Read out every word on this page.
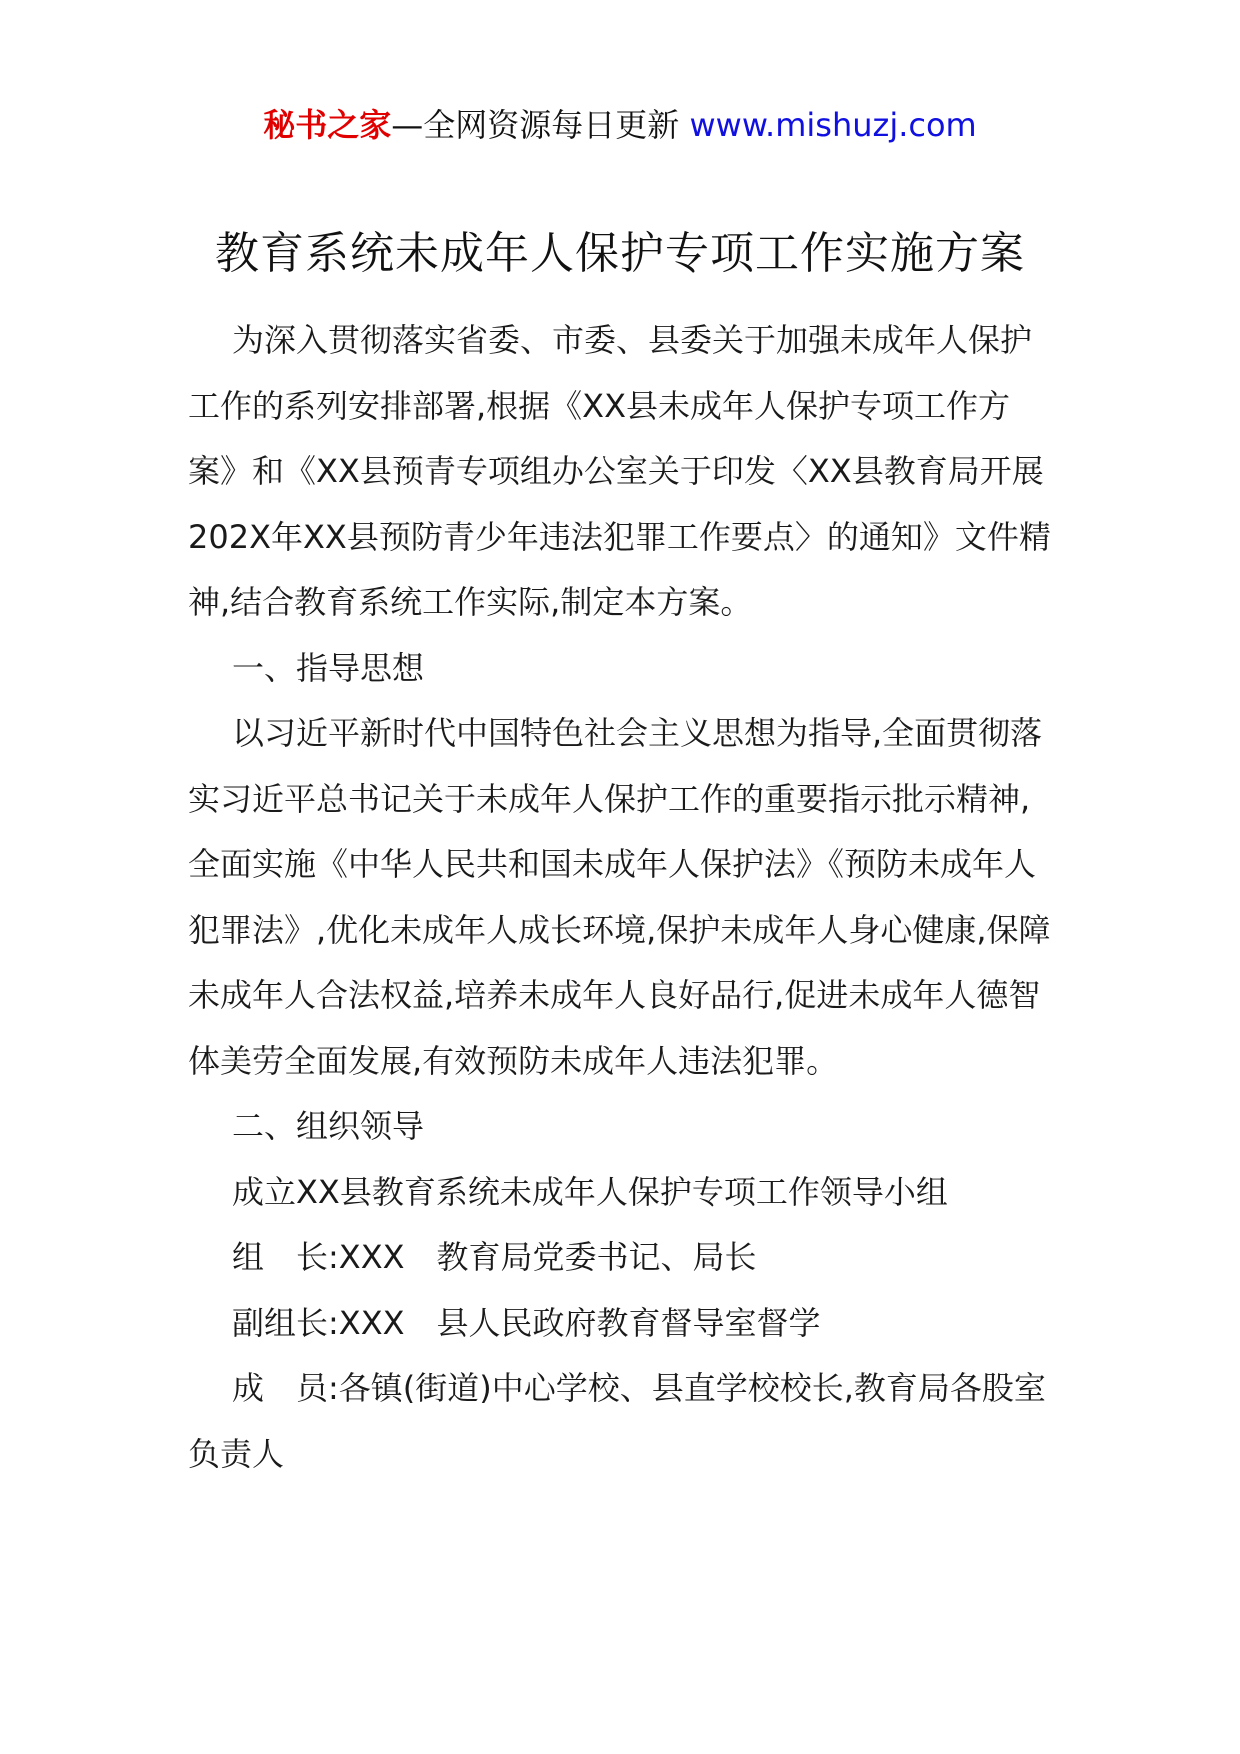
秘书之家—全网资源每日更新 www.mishuzj.com
教育系统未成年人保护专项工作实施方案

为深入贯彻落实省委、市委、县委关于加强未成年人保护工作的系列安排部署,根据《XX县未成年人保护专项工作方案》和《XX县预青专项组办公室关于印发〈XX县教育局开展202X年XX县预防青少年违法犯罪工作要点〉的通知》文件精神,结合教育系统工作实际,制定本方案。

一、指导思想

以习近平新时代中国特色社会主义思想为指导,全面贯彻落实习近平总书记关于未成年人保护工作的重要指示批示精神,全面实施《中华人民共和国未成年人保护法》《预防未成年人犯罪法》,优化未成年人成长环境,保护未成年人身心健康,保障未成年人合法权益,培养未成年人良好品行,促进未成年人德智体美劳全面发展,有效预防未成年人违法犯罪。

二、组织领导

成立XX县教育系统未成年人保护专项工作领导小组

组　长:XXX　教育局党委书记、局长

副组长:XXX　县人民政府教育督导室督学

成　员:各镇(街道)中心学校、县直学校校长,教育局各股室负责人
